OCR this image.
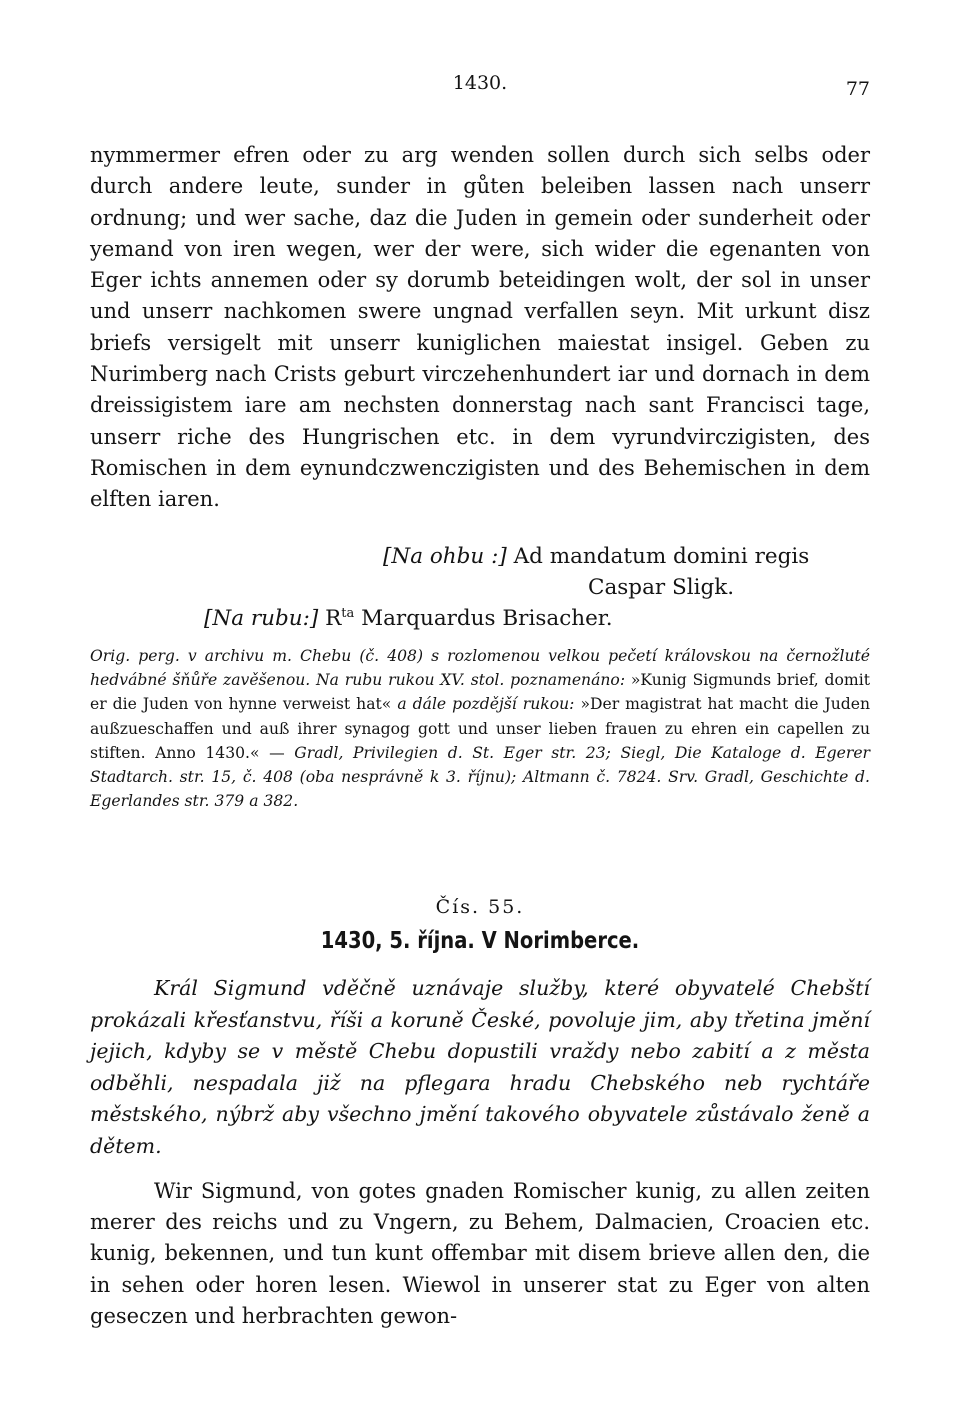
1430.	77

nymmermer efren oder zu arg wenden sollen durch sich selbs oder durch andere leute, sunder in gůten beleiben lassen nach unserr ordnung; und wer sache, daz die Juden in gemein oder sunderheit oder yemand von iren wegen, wer der were, sich wider die egenanten von Eger ichts annemen oder sy dorumb beteidingen wolt, der sol in unser und unserr nachkomen swere ungnad verfallen seyn. Mit urkunt disz briefs versigelt mit unserr kuniglichen maiestat insigel. Geben zu Nurimberg nach Crists geburt virczehenhundert iar und dornach in dem dreissigistem iare am nechsten donnerstag nach sant Francisci tage, unserr riche des Hungrischen etc. in dem vyrundvirczigisten, des Romischen in dem eynundczwenczigisten und des Behemischen in dem elften iaren.

[Na ohbu :] Ad mandatum domini regis
Caspar Sligk.
[Na rubu:] $R^{ta}$ Marquardus Brisacher.

Orig. perg. v archivu m. Chebu (č. 408) s rozlomenou velkou pečetí královskou na černožluté hedvábné šňůře zavěšenou. Na rubu rukou XV. stol. poznamenáno: »Kunig Sigmunds brief, domit er die Juden von hynne verweist hat« a dále pozdější rukou: »Der magistrat hat macht die Juden außzueschaffen und auß ihrer synagog gott und unser lieben frauen zu ehren ein capellen zu stiften. Anno 1430.« — Gradl, Privilegien d. St. Eger str. 23; Siegl, Die Kataloge d. Egerer Stadtarch. str. 15, č. 408 (oba nesprávně k 3. říjnu); Altmann č. 7824. Srv. Gradl, Geschichte d. Egerlandes str. 379 a 382.

Čís. 55.
1430, 5. října. V Norimberce.

Král Sigmund vděčně uznávaje služby, které obyvatelé Chebští prokázali křesťanstvu, říši a koruně České, povoluje jim, aby třetina jmění jejich, kdyby se v městě Chebu dopustili vraždy nebo zabití a z města odběhli, nespadala již na pflegara hradu Chebského neb rychtáře městského, nýbrž aby všechno jmění takového obyvatele zůstávalo ženě a dětem.

Wir Sigmund, von gotes gnaden Romischer kunig, zu allen zeiten merer des reichs und zu Vngern, zu Behem, Dalmacien, Croacien etc. kunig, bekennen, und tun kunt offembar mit disem brieve allen den, die in sehen oder horen lesen. Wiewol in unserer stat zu Eger von alten geseczen und herbrachten gewon-
